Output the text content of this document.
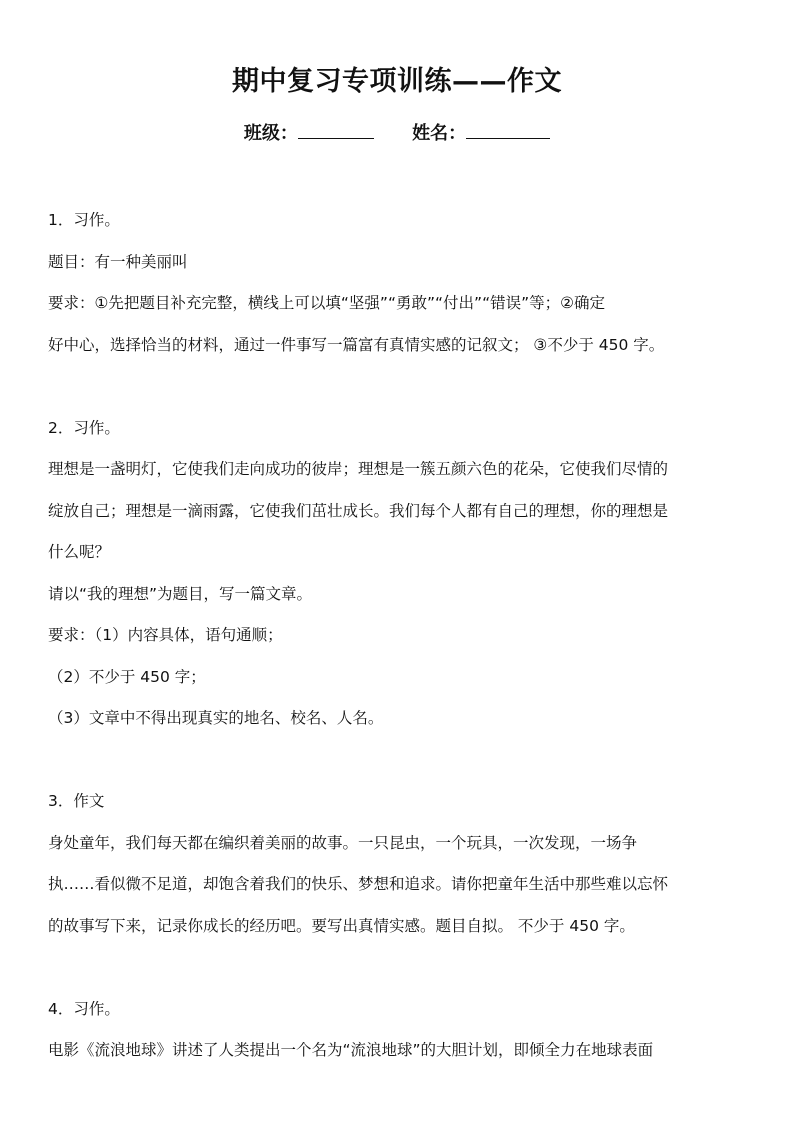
期中复习专项训练——作文
班级：	姓名：
1．习作。
题目：有一种美丽叫
要求：①先把题目补充完整，横线上可以填“坚强”“勇敢”“付出”“错误”等；②确定
好中心，选择恰当的材料，通过一件事写一篇富有真情实感的记叙文； ③不少于 450 字。
2．习作。
理想是一盏明灯，它使我们走向成功的彼岸；理想是一簇五颜六色的花朵，它使我们尽情的
绽放自己；理想是一滴雨露，它使我们茁壮成长。我们每个人都有自己的理想，你的理想是
什么呢？
请以“我的理想”为题目，写一篇文章。
要求：（1）内容具体，语句通顺；
（2）不少于 450 字；
（3）文章中不得出现真实的地名、校名、人名。
3．作文
身处童年，我们每天都在编织着美丽的故事。一只昆虫，一个玩具，一次发现，一场争
执……看似微不足道，却饱含着我们的快乐、梦想和追求。请你把童年生活中那些难以忘怀
的故事写下来，记录你成长的经历吧。要写出真情实感。题目自拟。 不少于 450 字。
4．习作。
电影《流浪地球》讲述了人类提出一个名为“流浪地球”的大胆计划，即倾全力在地球表面
